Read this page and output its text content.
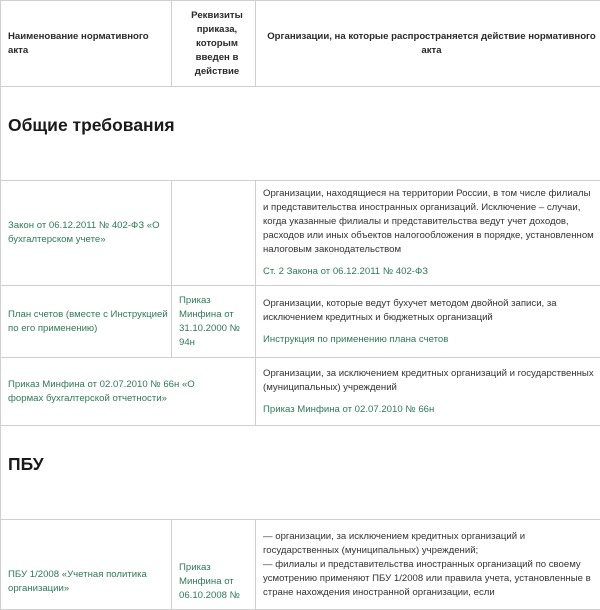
Наименование нормативного акта	Реквизиты приказа, которым введен в действие	Организации, на которые распространяется действие нормативного акта
Общие требования		
Закон от 06.12.2011 № 402-ФЗ «О бухгалтерском учете»		Организации, находящиеся на территории России, в том числе филиалы и представительства иностранных организаций. Исключение – случаи, когда указанные филиалы и представительства ведут учет доходов, расходов или иных объектов налогообложения в порядке, установленном налоговым законодательством
Ст. 2 Закона от 06.12.2011 № 402-ФЗ

План счетов (вместе с Инструкцией по его применению)	Приказ Минфина от 31.10.2000 № 94н	Организации, которые ведут бухучет методом двойной записи, за исключением кредитных и бюджетных организаций
Инструкция по применению плана счетов

Приказ Минфина от 02.07.2010 № 66н «О формах бухгалтерской отчетности»		Организации, за исключением кредитных организаций и государственных (муниципальных) учреждений
Приказ Минфина от 02.07.2010 № 66н

ПБУ		
ПБУ 1/2008 «Учетная политика организации»	Приказ Минфина от 06.10.2008 №	— организации, за исключением кредитных организаций и государственных (муниципальных) учреждений;
— филиалы и представительства иностранных организаций по своему усмотрению применяют ПБУ 1/2008 или правила учета, установленные в стране нахождения иностранной организации, если
